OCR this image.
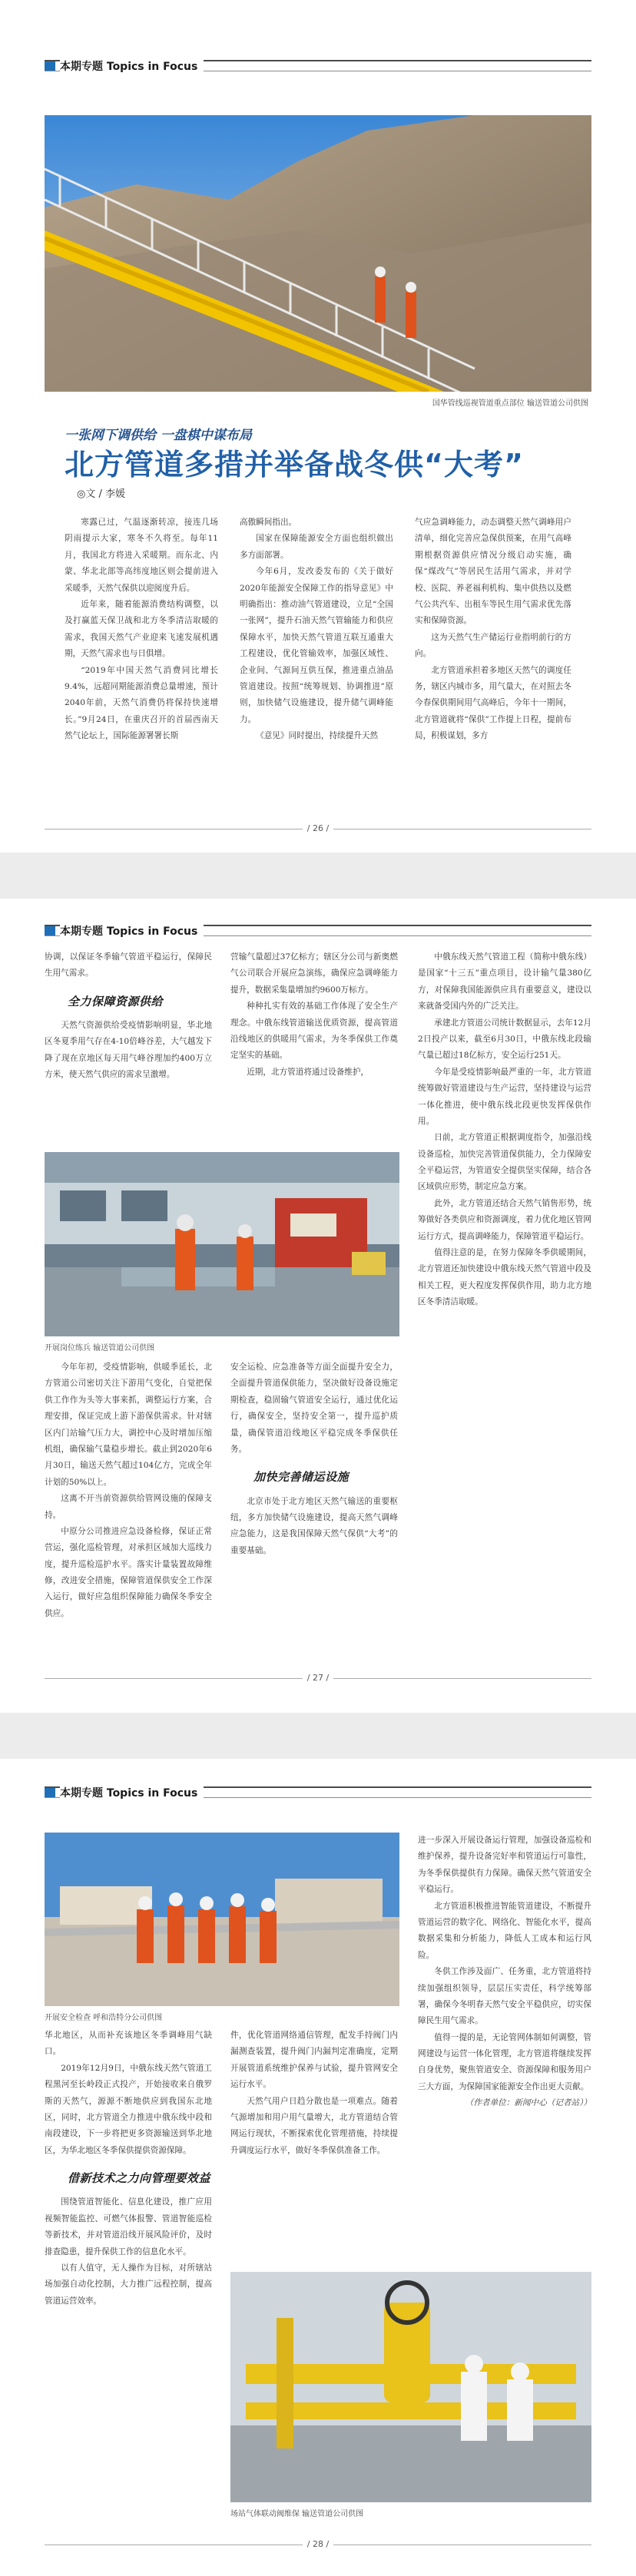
本期专题 Topics in Focus
国华管线巡视管道重点部位 输送管道公司供图
一张网下调供给 一盘棋中谋布局
北方管道多措并举备战冬供“大考”
◎文 / 李媛

寒露已过，气温逐渐转凉，接连几场阴雨提示大家，寒冬不久将至。每年11月，我国北方将进入采暖期。而东北、内蒙、华北北部等高纬度地区则会提前进入采暖季，天然气保供以迎阅度升后。

近年来，随着能源消费结构调整，以及打赢蓝天保卫战和北方冬季清洁取暖的需求，我国天然气产业迎来飞速发展机遇期，天然气需求也与日俱增。

“2019年中国天然气消费同比增长9.4%，远超同期能源消费总量增速，预计2040年前，天然气消费仍将保持快速增长。”9月24日，在重庆召开的首届西南天然气论坛上，国际能源署署长斯

高傲瞬间指出。

国家在保障能源安全方面也组织做出多方面部署。

今年6月，发改委发布的《关于做好2020年能源安全保障工作的指导意见》中明确指出：推动油气管道建设，立足“全国一张网”，提升石油天然气管输能力和供应保障水平，加快天然气管道互联互通重大工程建设，优化管输效率，加强区域性、企业间、气源间互供互保，推进重点油品管道建设。按照“统筹规划、协调推进”原则，加快储气设施建设，提升储气调峰能力。

《意见》同时提出，持续提升天然

气应急调峰能力，动态调整天然气调峰用户清单，细化完善应急保供预案，在用气高峰期根据资源供应情况分级启动实施，确保“煤改气”等居民生活用气需求，并对学校、医院、养老福利机构、集中供热以及燃气公共汽车、出租车等民生用气需求优先落实和保障资源。

这为天然气生产储运行业指明前行的方向。

北方管道承担着多地区天然气的调度任务，辖区内城市多，用气量大，在对照去冬今春保供期间用气高峰后，今年十一期间，北方管道就将“保供”工作提上日程，提前布局，积极谋划，多方

/ 26 /
本期专题 Topics in Focus

协调，以保证冬季输气管道平稳运行，保障民生用气需求。

全力保障资源供给

天然气资源供给受疫情影响明显，华北地区冬夏季用气存在4-10倍峰谷差，大气越发下降了现在京地区每天用气峰谷理加约400万立方米，使天然气供应的需求呈激增。

开展岗位练兵 输送管道公司供图

今年年初，受疫情影响，供暖季延长，北方管道公司密切关注下游用气变化，自觉把保供工作作为头等大事来抓，调整运行方案，合理安排，保证完成上游下游保供需求。针对辖区内门站输气压力大，调控中心及时增加压缩机组，确保输气量稳步增长。截止到2020年6月30日，输送天然气超过104亿方，完成全年计划的50%以上。

这离不开当前资源供给管网设施的保障支持。

中原分公司推进应急设备检修，保证正常营运，强化巡检管理，对承担区域加大巡线力度，提升巡检巡护水平。落实计量装置故障维修，改进安全措施，保障管道保供安全工作深入运行，做好应急组织保障能力确保冬季安全供应。

营输气量超过37亿标方；辖区分公司与新奥燃气公司联合开展应急演练，确保应急调峰能力提升，数据采集量增加约9600万标方。

种种扎实有效的基础工作体现了安全生产理念。中俄东线管道输送优质资源，提高管道沿线地区的供暖用气需求，为冬季保供工作奠定坚实的基础。

近期，北方管道将通过设备维护，

安全运检、应急准备等方面全面提升安全力，全面提升管道保供能力，坚决做好设备设施定期检查，稳固输气管道安全运行，通过优化运行，确保安全，坚持安全第一，提升巡护质量，确保管道沿线地区平稳完成冬季保供任务。

加快完善储运设施

北京市处于北方地区天然气输送的重要枢纽，多方加快储气设施建设，提高天然气调峰应急能力，这是我国保障天然气保供“大考”的重要基础。

中俄东线天然气管道工程（简称中俄东线）是国家“十三五”重点项目，设计输气量380亿方，对保障我国能源供应具有重要意义，建设以来就备受国内外的广泛关注。

承建北方管道公司统计数据显示，去年12月2日投产以来，截至6月30日，中俄东线北段输气量已超过18亿标方，安全运行251天。

今年是受疫情影响最严重的一年，北方管道统筹做好管道建设与生产运营，坚持建设与运营一体化推进，使中俄东线北段更快发挥保供作用。

日前，北方管道正根据调度指令，加强沿线设备巡检，加快完善管道保供能力，全力保障安全平稳运营，为管道安全提供坚实保障，结合各区域供应形势，制定应急方案。

此外，北方管道还结合天然气销售形势，统筹做好各类供应和资源调度，着力优化地区管网运行方式，提高调峰能力，保障管道平稳运行。

值得注意的是，在努力保障冬季供暖期间，北方管道还加快建设中俄东线天然气管道中段及相关工程，更大程度发挥保供作用，助力北方地区冬季清洁取暖。

/ 27 /
本期专题 Topics in Focus
开展安全检查 呼和浩特分公司供图

华北地区，从而补充该地区冬季调峰用气缺口。

2019年12月9日，中俄东线天然气管道工程黑河至长岭段正式投产，开始接收来自俄罗斯的天然气，源源不断地供应到我国东北地区，同时，北方管道全力推进中俄东线中段和南段建设，下一步将把更多资源输送到华北地区，为华北地区冬季保供提供资源保障。

借新技术之力向管理要效益

围绕管道智能化、信息化建设，推广应用视频智能监控、可燃气体报警、管道智能巡检等新技术，并对管道沿线开展风险评价，及时排查隐患，提升保供工作的信息化水平。

以有人值守，无人操作为目标，对所辖站场加强自动化控制，大力推广远程控制，提高管道运营效率。

件，优化管道网络通信管理，配发手持阀门内漏测查装置，提升阀门内漏判定准确度，定期开展管道系统维护保养与试验，提升管网安全运行水平。

天然气用户日趋分散也是一项难点。随着气源增加和用户用气量增大，北方管道结合管网运行现状，不断探索优化管理措施，持续提升调度运行水平，做好冬季保供准备工作。

进一步深入开展设备运行管理，加强设备巡检和维护保养，提升设备完好率和管道运行可靠性，为冬季保供提供有力保障。确保天然气管道安全平稳运行。

北方管道积极推进智能管道建设，不断提升管道运营的数字化、网络化、智能化水平，提高数据采集和分析能力，降低人工成本和运行风险。

冬供工作涉及面广、任务重，北方管道将持续加强组织领导，层层压实责任，科学统筹部署，确保今冬明春天然气安全平稳供应，切实保障民生用气需求。

值得一提的是，无论管网体制如何调整，管网建设与运营一体化管理，北方管道将继续发挥自身优势，聚焦管道安全、资源保障和服务用户三大方面，为保障国家能源安全作出更大贡献。

（作者单位：新闻中心（记者站））

场站气体联动阀维保 输送管道公司供图
/ 28 /
